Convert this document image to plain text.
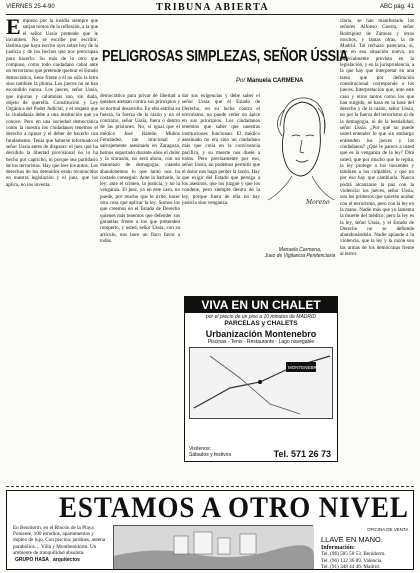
VIERNES 25-4-90	TRIBUNA ABIERTA	ABC pág. 41
PELIGROSAS SIMPLEZAS, SEÑOR ÚSSIA
Por Manuela CARMENA
E mpiezo por la insidia siempre que surjan tontos de la reflexión, a la que el señor Ussía pretende que le incumben. No se escribe por escribir; lástima que haya escrito ayer sobre hoy de la justicia y de los hechos que nos preocupan para hacerlo. Su más de lo otro que compuso, como todo ciudadano cabal ante un terrorismo que pretende quebrar el Estado democrático, tiene frente a él no sólo la letra sino también la pluma. Los jueces no se han escondido nunca. Los jueces, señor Ussía, que injurias y calumnias son, sin duda, objeto de querella. Constitución y Ley Orgánica del Poder Judicial, y el respeto que la ciudadanía debe a una institución que ya conoce. Pero en una sociedad democrática como la nuestra los ciudadanos tenemos el derecho a opinar y el deber de hacerlo con fundamento. Tenía que haberse informado el señor Ussía antes de disparar: el juez que ha decidido la libertad provisional no lo ha hecho por capricho, ni porque sea partidario de los terroristas. Hay que leer los autos. Los derechos de los detenidos están reconocidos en nuestra legislación y el juez, que los aplica, no los inventa.
democrático para privar de libertad a quienes atentan contra sus principios y su normal desarrollo. En ello estriba su fuerza, la fuerza de la razón y no el contrario, señor Ussía, fuera o dentro de las prisiones. No, si igual que el médico José Ramón Muñoz Fernández, tan irracional y salvajemente asesinado en Zaragoza, hemos soportado durante años el dolor y la sinrazón, no será ahora, con un manotazo de demagogia, cuando abandonemos lo que tanto nos ha costado conseguir. Ante la barbarie, la ley; ante el crimen, la justicia, y no la venganza. El juez, yo en este caso, no puede, por mucho que le irrite, hacer otra cosa que aplicar la ley. Somos los que creemos en el Estado de Derecho quienes más tenemos que defender sus garantías frente a los que pretenden romperlo, y usted, señor Ussía, con su artículo, nos hace un flaco favor a todos.
dar sus exigencias y debe saber el señor Ussía que el Estado de Derecho, en su lucha contra el terrorismo, no puede ceder un ápice en sus principios. Los ciudadanos tenemos que saber que nuestras instituciones funcionan. El médico asesinado no era sino un ciudadano más que creía en la convivencia pacífica, y su muerte nos duele a todos. Pero precisamente por eso, señor Ussía, no podemos permitir que el dolor nos haga perder la razón. Hay que exigir del Estado que persiga a los asesinos, que los juzgue y que los condene, pero siempre dentro de la ley, porque fuera de ella no hay justicia sino venganza.	Moreno
Manuela Carmena,
Juez de Vigilancia Penitenciaria
claria, se han manifestado los señores Alfonso Guerra, señor Rodríguez de Zamora y otros muchos, y tantas otras, la de Madrid. Tal rechazo pareciera, si, que en esa situación nueva, no especialmente prevista en la legislación, y en la jurisprudencia, a la que hay que interpretar en una tarea que por definición constitucional corresponde a los jueces. Interpretación que, ante este caso y otros tantos como los que han surgido, se basa en la base del derecho y de la razón, señor Ussía, no por la fuerza del terrorismo ni de la demagogia, ni de la bestialidad, señor Ussía. ¿Por qué no puede usted entender lo que sin embargo entienden los jueces y los ciudadanos? ¿Qué le parece a usted que es la venganza de la ley? Dirá usted, que por mucho que lo repita, la ley protege a los inocentes y también a los culpables, y que no por eso hay que cambiarla. Nunca podrá alcanzarse la paz con la violencia: los jueces, señor Ussía, son los primeros que quieren acabar con el terrorismo, pero con la ley en la mano. Nadie más que yo lamenta la muerte del médico; pero la ley es la ley, señor Ussía, y el Estado de Derecho no se defiende abandonándolo. Nadie aplaude a la violencia, que la ley y la razón son las armas de los demócratas frente al terror.
VIVA EN UN CHALET
por el precio de un piso a 10 minutos de MADRID
PARCELAS y CHALETS
Urbanización Montenebro
Piscinas - Tenis - Restaurante - Lago navegable
MONTENEBRO
Visítenos:
Sábados y festivos	Tel. 571 26 73
ESTAMOS A OTRO NIVEL
En Benidorm, en el Rincón de la Playa Poniente, 100 estudios, apartamentos y duplex de lujo. Con piscina, jardines, antena parabólica… Villa y Montbenidorm. Un ambiente de tranquilidad absoluta.
OFICINA DE VENTA
LLAVE EN MANO.
Información:
Tel. (96) 585 50 53. Benidorm.
Tel. (96) 132 36 89. Valencia.
Tel. (91) 348 44 46. Madrid.
GRUPO HASA arquitectos
